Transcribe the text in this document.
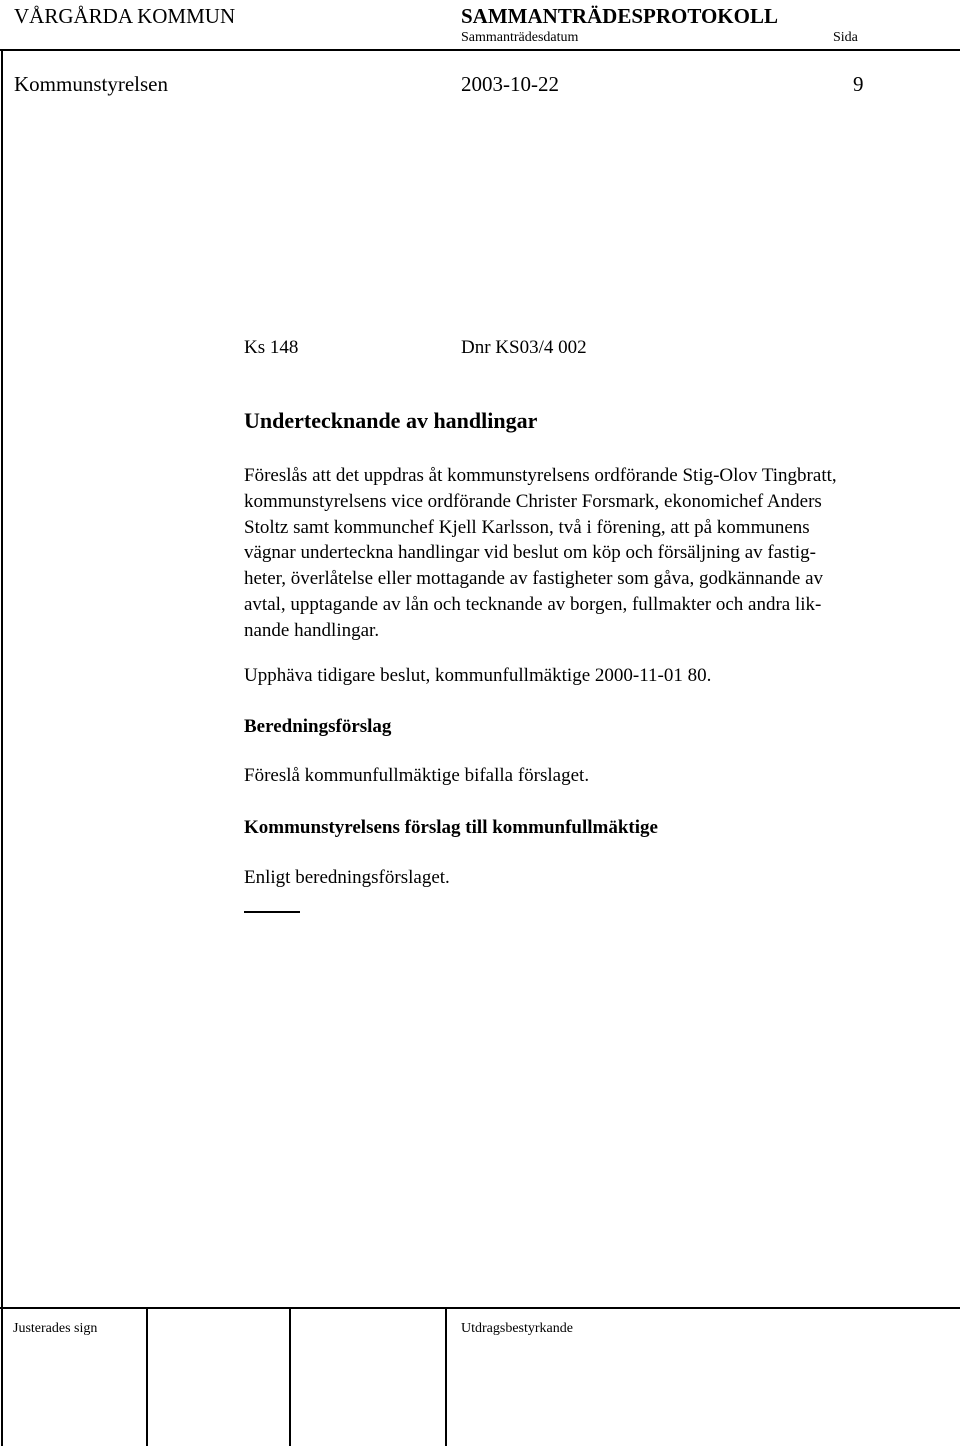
VÅRGÅRDA KOMMUN	SAMMANTRÄDESPROTOKOLL
Sammanträdesdatum	Sida
Kommunstyrelsen	2003-10-22	9
Ks 148	Dnr KS03/4 002
Undertecknande av handlingar
Föreslås att det uppdras åt kommunstyrelsens ordförande Stig-Olov Tingbratt,
kommunstyrelsens vice ordförande Christer Forsmark, ekonomichef Anders
Stoltz samt kommunchef Kjell Karlsson, två i förening, att på kommunens
vägnar underteckna handlingar vid beslut om köp och försäljning av fastig-
heter, överlåtelse eller mottagande av fastigheter som gåva, godkännande av
avtal, upptagande av lån och tecknande av borgen, fullmakter och andra lik-
nande handlingar.
Upphäva tidigare beslut, kommunfullmäktige 2000-11-01 80.
Beredningsförslag
Föreslå kommunfullmäktige bifalla förslaget.
Kommunstyrelsens förslag till kommunfullmäktige
Enligt beredningsförslaget.
Justerades sign	Utdragsbestyrkande
